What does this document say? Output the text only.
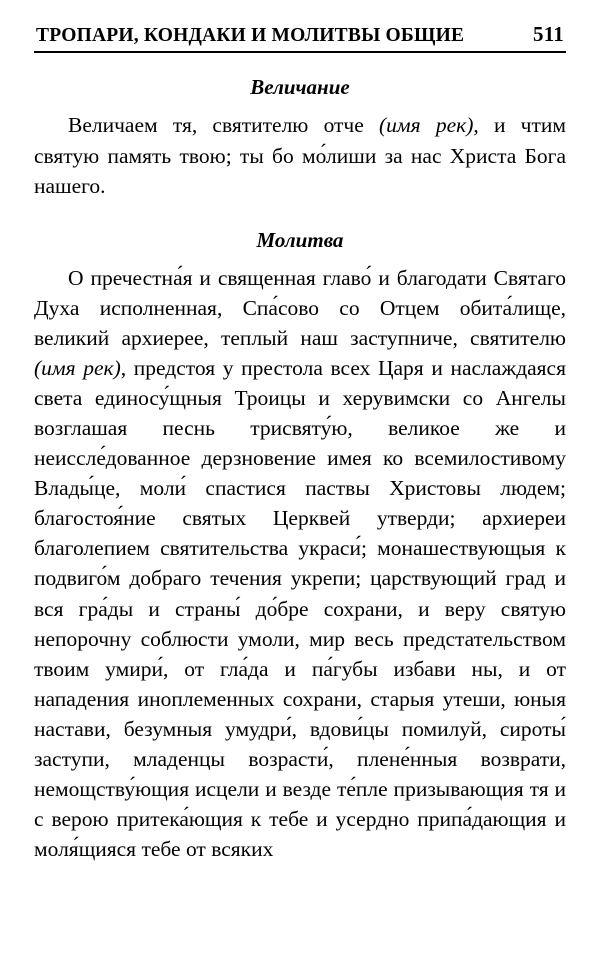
ТРОПАРИ, КОНДАКИ И МОЛИТВЫ ОБЩИЕ	511
Величание

Величаем тя, святителю отче (имя рек), и чтим святую память твою; ты бо мо́лиши за нас Христа Бога нашего.

Молитва

О пречестна́я и священная главо́ и благодати Святаго Духа исполненная, Спа́сово со Отцем обита́лище, великий архиерее, теплый наш заступниче, святителю (имя рек), предстоя у престола всех Царя и наслаждаяся света единосу́щныя Троицы и херувимски со Ангелы возглашая песнь трисвяту́ю, великое же и неиссле́дованное дерзновение имея ко всемилостивому Влады́це, моли́ спастися паствы Христовы людем; благостоя́ние святых Церквей утверди; архиереи благолепием святительства украси́; монашествующыя к подвиго́м добраго течения укрепи; царствующий град и вся гра́ды и страны́ до́бре сохрани, и веру святую непорочну соблюсти умоли, мир весь предстательством твоим умири́, от гла́да и па́губы избави ны, и от нападения иноплеменных сохрани, старыя утеши, юныя настави, безумныя умудри́, вдови́цы помилуй, сироты́ заступи, младенцы возрасти́, плене́нныя возврати, немощству́ющия исцели и везде те́пле призывающия тя и с верою притека́ющия к тебе и усердно припа́дающия и моля́щияся тебе от всяких
